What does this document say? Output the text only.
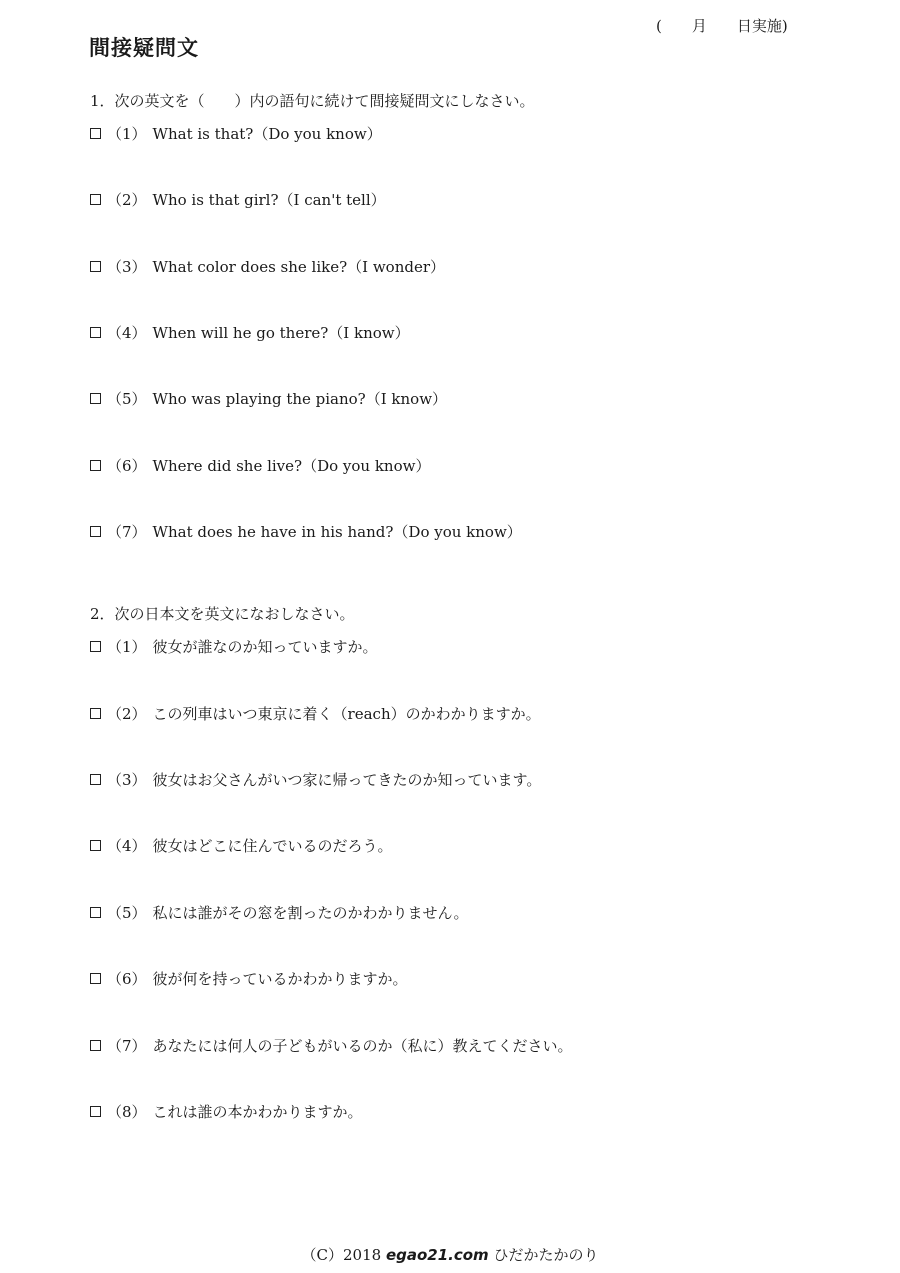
(　　月　　日実施)
間接疑問文
1．次の英文を（　　）内の語句に続けて間接疑問文にしなさい。
（1） What is that?（Do you know）
（2） Who is that girl?（I can't tell）
（3） What color does she like?（I wonder）
（4） When will he go there?（I know）
（5） Who was playing the piano?（I know）
（6） Where did she live?（Do you know）
（7） What does he have in his hand?（Do you know）
2．次の日本文を英文になおしなさい。
（1） 彼女が誰なのか知っていますか。
（2） この列車はいつ東京に着く（reach）のかわかりますか。
（3） 彼女はお父さんがいつ家に帰ってきたのか知っています。
（4） 彼女はどこに住んでいるのだろう。
（5） 私には誰がその窓を割ったのかわかりません。
（6） 彼が何を持っているかわかりますか。
（7） あなたには何人の子どもがいるのか（私に）教えてください。
（8） これは誰の本かわかりますか。
（C）2018 egao21.com ひだかたかのり
